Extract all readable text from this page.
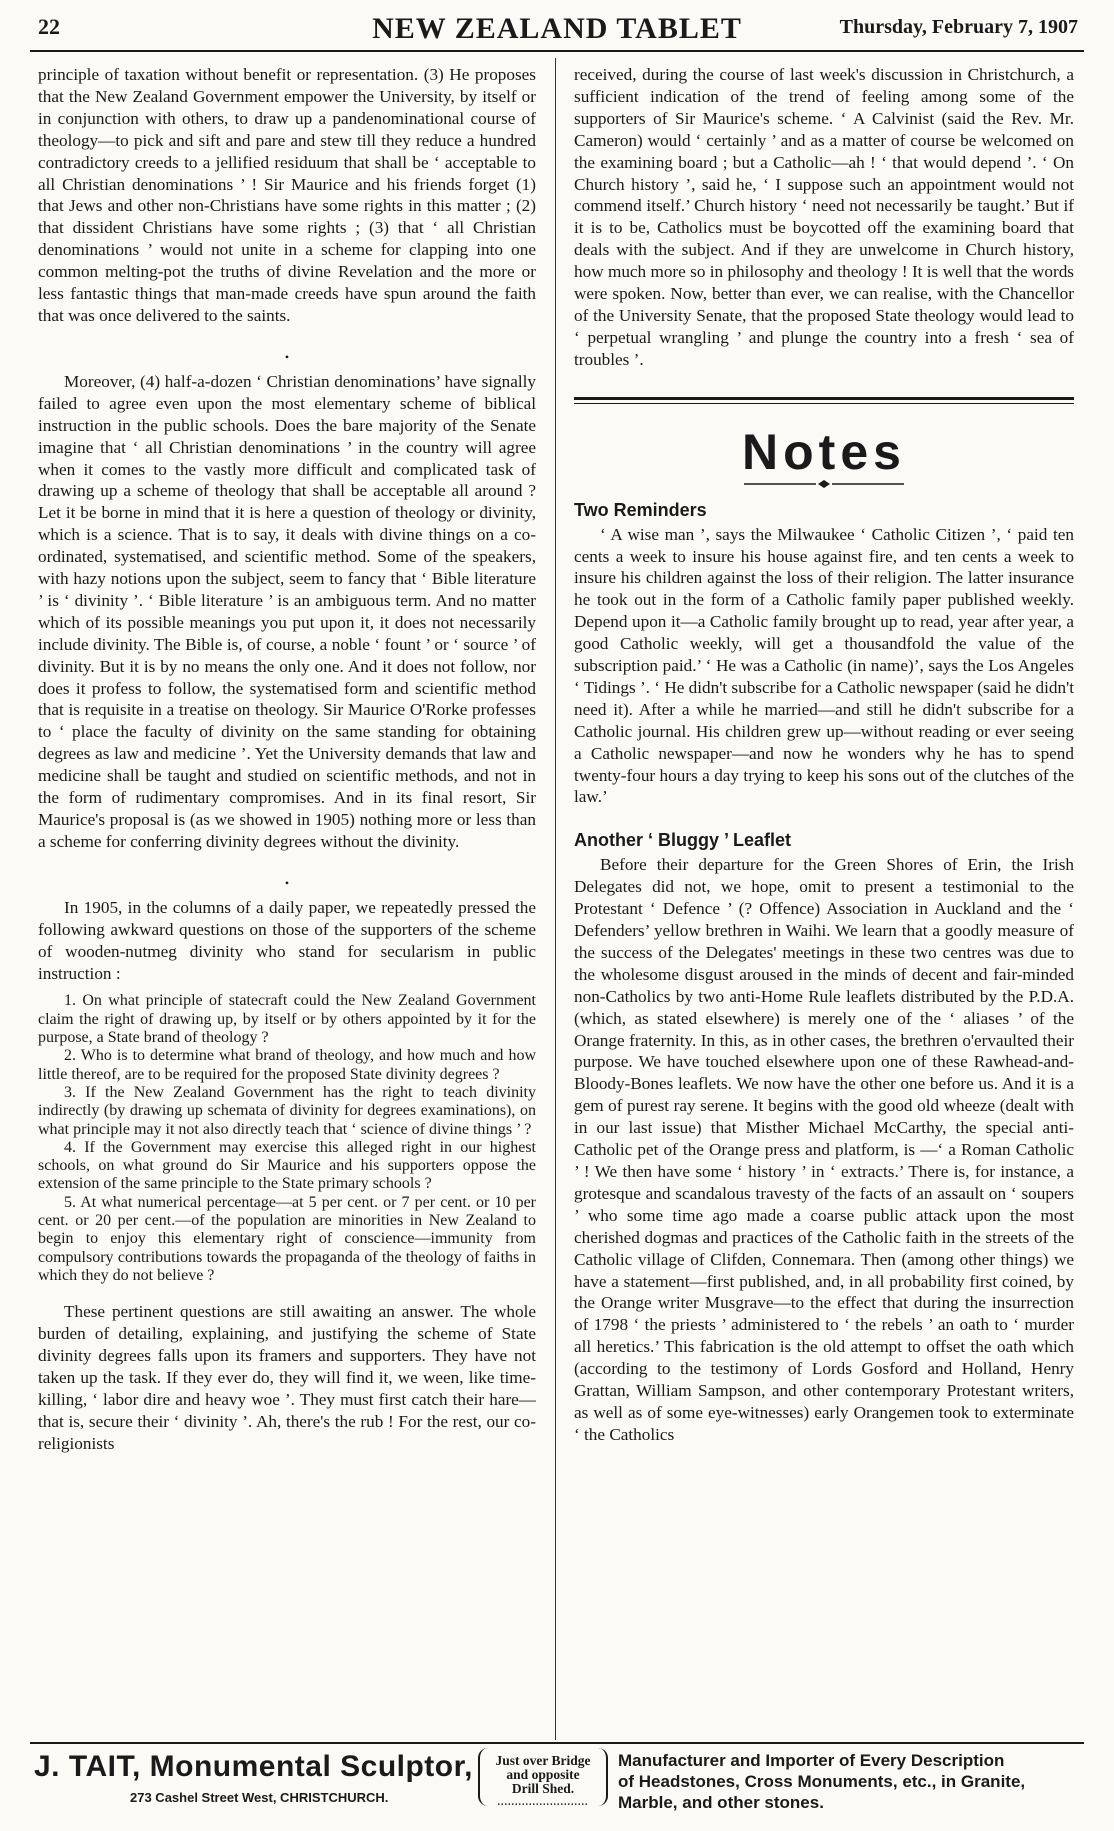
22	NEW ZEALAND TABLET	Thursday, February 7, 1907

principle of taxation without benefit or representation. (3) He proposes that the New Zealand Government empower the University, by itself or in conjunction with others, to draw up a pandenominational course of theology—to pick and sift and pare and stew till they reduce a hundred contradictory creeds to a jellified residuum that shall be ‘ acceptable to all Christian denominations ’ ! Sir Maurice and his friends forget (1) that Jews and other non-Christians have some rights in this matter ; (2) that dissident Christians have some rights ; (3) that ‘ all Christian denominations ’ would not unite in a scheme for clapping into one common melting-pot the truths of divine Revelation and the more or less fantastic things that man-made creeds have spun around the faith that was once delivered to the saints.

•

Moreover, (4) half-a-dozen ‘ Christian denominations’ have signally failed to agree even upon the most elementary scheme of biblical instruction in the public schools. Does the bare majority of the Senate imagine that ‘ all Christian denominations ’ in the country will agree when it comes to the vastly more difficult and complicated task of drawing up a scheme of theology that shall be acceptable all around ? Let it be borne in mind that it is here a question of theology or divinity, which is a science. That is to say, it deals with divine things on a co-ordinated, systematised, and scientific method. Some of the speakers, with hazy notions upon the subject, seem to fancy that ‘ Bible literature ’ is ‘ divinity ’. ‘ Bible literature ’ is an ambiguous term. And no matter which of its possible meanings you put upon it, it does not necessarily include divinity. The Bible is, of course, a noble ‘ fount ’ or ‘ source ’ of divinity. But it is by no means the only one. And it does not follow, nor does it profess to follow, the systematised form and scientific method that is requisite in a treatise on theology. Sir Maurice O'Rorke professes to ‘ place the faculty of divinity on the same standing for obtaining degrees as law and medicine ’. Yet the University demands that law and medicine shall be taught and studied on scientific methods, and not in the form of rudimentary compromises. And in its final resort, Sir Maurice's proposal is (as we showed in 1905) nothing more or less than a scheme for conferring divinity degrees without the divinity.

•

In 1905, in the columns of a daily paper, we repeatedly pressed the following awkward questions on those of the supporters of the scheme of wooden-nutmeg divinity who stand for secularism in public instruction :

1. On what principle of statecraft could the New Zealand Government claim the right of drawing up, by itself or by others appointed by it for the purpose, a State brand of theology ?
2. Who is to determine what brand of theology, and how much and how little thereof, are to be required for the proposed State divinity degrees ?
3. If the New Zealand Government has the right to teach divinity indirectly (by drawing up schemata of divinity for degrees examinations), on what principle may it not also directly teach that ‘ science of divine things ’ ?
4. If the Government may exercise this alleged right in our highest schools, on what ground do Sir Maurice and his supporters oppose the extension of the same principle to the State primary schools ?
5. At what numerical percentage—at 5 per cent. or 7 per cent. or 10 per cent. or 20 per cent.—of the population are minorities in New Zealand to begin to enjoy this elementary right of conscience—immunity from compulsory contributions towards the propaganda of the theology of faiths in which they do not believe ?

These pertinent questions are still awaiting an answer. The whole burden of detailing, explaining, and justifying the scheme of State divinity degrees falls upon its framers and supporters. They have not taken up the task. If they ever do, they will find it, we ween, like time-killing, ‘ labor dire and heavy woe ’. They must first catch their hare—that is, secure their ‘ divinity ’. Ah, there's the rub ! For the rest, our co-religionists

received, during the course of last week's discussion in Christchurch, a sufficient indication of the trend of feeling among some of the supporters of Sir Maurice's scheme. ‘ A Calvinist (said the Rev. Mr. Cameron) would ‘ certainly ’ and as a matter of course be welcomed on the examining board ; but a Catholic—ah ! ‘ that would depend ’. ‘ On Church history ’, said he, ‘ I suppose such an appointment would not commend itself.’ Church history ‘ need not necessarily be taught.’ But if it is to be, Catholics must be boycotted off the examining board that deals with the subject. And if they are unwelcome in Church history, how much more so in philosophy and theology ! It is well that the words were spoken. Now, better than ever, we can realise, with the Chancellor of the University Senate, that the proposed State theology would lead to ‘ perpetual wrangling ’ and plunge the country into a fresh ‘ sea of troubles ’.

Notes
Two Reminders

‘ A wise man ’, says the Milwaukee ‘ Catholic Citizen ’, ‘ paid ten cents a week to insure his house against fire, and ten cents a week to insure his children against the loss of their religion. The latter insurance he took out in the form of a Catholic family paper published weekly. Depend upon it—a Catholic family brought up to read, year after year, a good Catholic weekly, will get a thousandfold the value of the subscription paid.’ ‘ He was a Catholic (in name)’, says the Los Angeles ‘ Tidings ’. ‘ He didn't subscribe for a Catholic newspaper (said he didn't need it). After a while he married—and still he didn't subscribe for a Catholic journal. His children grew up—without reading or ever seeing a Catholic newspaper—and now he wonders why he has to spend twenty-four hours a day trying to keep his sons out of the clutches of the law.’

Another ‘ Bluggy ’ Leaflet

Before their departure for the Green Shores of Erin, the Irish Delegates did not, we hope, omit to present a testimonial to the Protestant ‘ Defence ’ (? Offence) Association in Auckland and the ‘ Defenders’ yellow brethren in Waihi. We learn that a goodly measure of the success of the Delegates' meetings in these two centres was due to the wholesome disgust aroused in the minds of decent and fair-minded non-Catholics by two anti-Home Rule leaflets distributed by the P.D.A. (which, as stated elsewhere) is merely one of the ‘ aliases ’ of the Orange fraternity. In this, as in other cases, the brethren o'ervaulted their purpose. We have touched elsewhere upon one of these Rawhead-and-Bloody-Bones leaflets. We now have the other one before us. And it is a gem of purest ray serene. It begins with the good old wheeze (dealt with in our last issue) that Misther Michael McCarthy, the special anti-Catholic pet of the Orange press and platform, is —‘ a Roman Catholic ’ ! We then have some ‘ history ’ in ‘ extracts.’ There is, for instance, a grotesque and scandalous travesty of the facts of an assault on ‘ soupers ’ who some time ago made a coarse public attack upon the most cherished dogmas and practices of the Catholic faith in the streets of the Catholic village of Clifden, Connemara. Then (among other things) we have a statement—first published, and, in all probability first coined, by the Orange writer Musgrave—to the effect that during the insurrection of 1798 ‘ the priests ’ administered to ‘ the rebels ’ an oath to ‘ murder all heretics.’ This fabrication is the old attempt to offset the oath which (according to the testimony of Lords Gosford and Holland, Henry Grattan, William Sampson, and other contemporary Protestant writers, as well as of some eye-witnesses) early Orangemen took to exterminate ‘ the Catholics

J. TAIT, Monumental Sculptor,
273 Cashel Street West, CHRISTCHURCH.
Just over Bridge
and opposite
Drill Shed.
..........................
Manufacturer and Importer of Every Description
of Headstones, Cross Monuments, etc., in Granite,
Marble, and other stones.
